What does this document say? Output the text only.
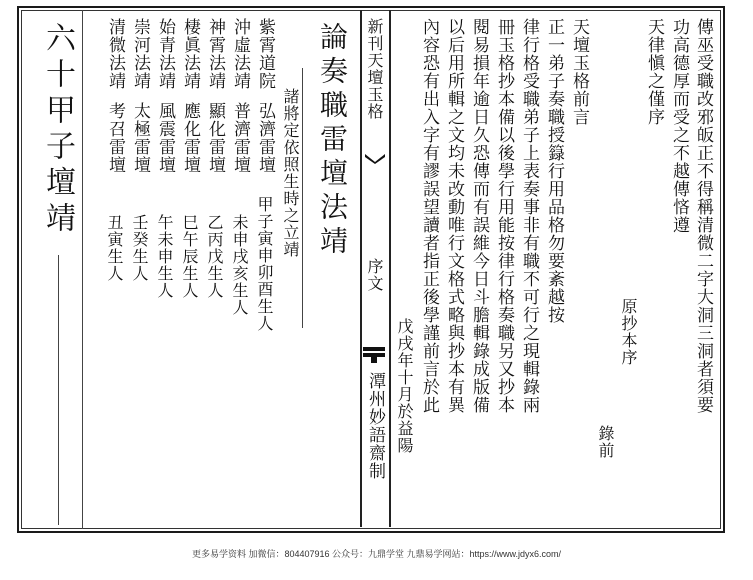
傳巫受職改邪皈正不得稱清微二字大洞三洞者須要
功高德厚而受之不越傳悋遵
天律愼之僅序
原抄本序
錄前
天壇玉格前言
正一弟子奏職授籙行用品格勿要紊越按
律行格受職弟子上表奏事非有職不可行之現輯錄兩
冊玉格抄本備以後學行用能按律行格奏職另又抄本
閱易損年逾日久恐傳而有誤維今日斗膽輯錄成版備
以后用所輯之文均未改動唯行文格式略與抄本有異
內容恐有出入字有謬誤望讀者指正後學謹前言於此
戊戌年十月於益陽
新刊天壇玉格
序文
潭州妙語齋制
論奏職雷壇法靖
諸將定依照生時之立靖
紫霄道院
弘濟雷壇
甲子寅申卯酉生人
沖虛法靖
普濟雷壇
未申戌亥生人
神霄法靖
顯化雷壇
乙丙戊生人
棲眞法靖
應化雷壇
巳午辰生人
始青法靖
風震雷壇
午未申生人
崇河法靖
太極雷壇
壬癸生人
清微法靖
考召雷壇
丑寅生人
六十甲子壇靖
更多易学资料 加微信：804407916 公众号：九鼎学堂 九鼎易学网站：https://www.jdyx6.com/
